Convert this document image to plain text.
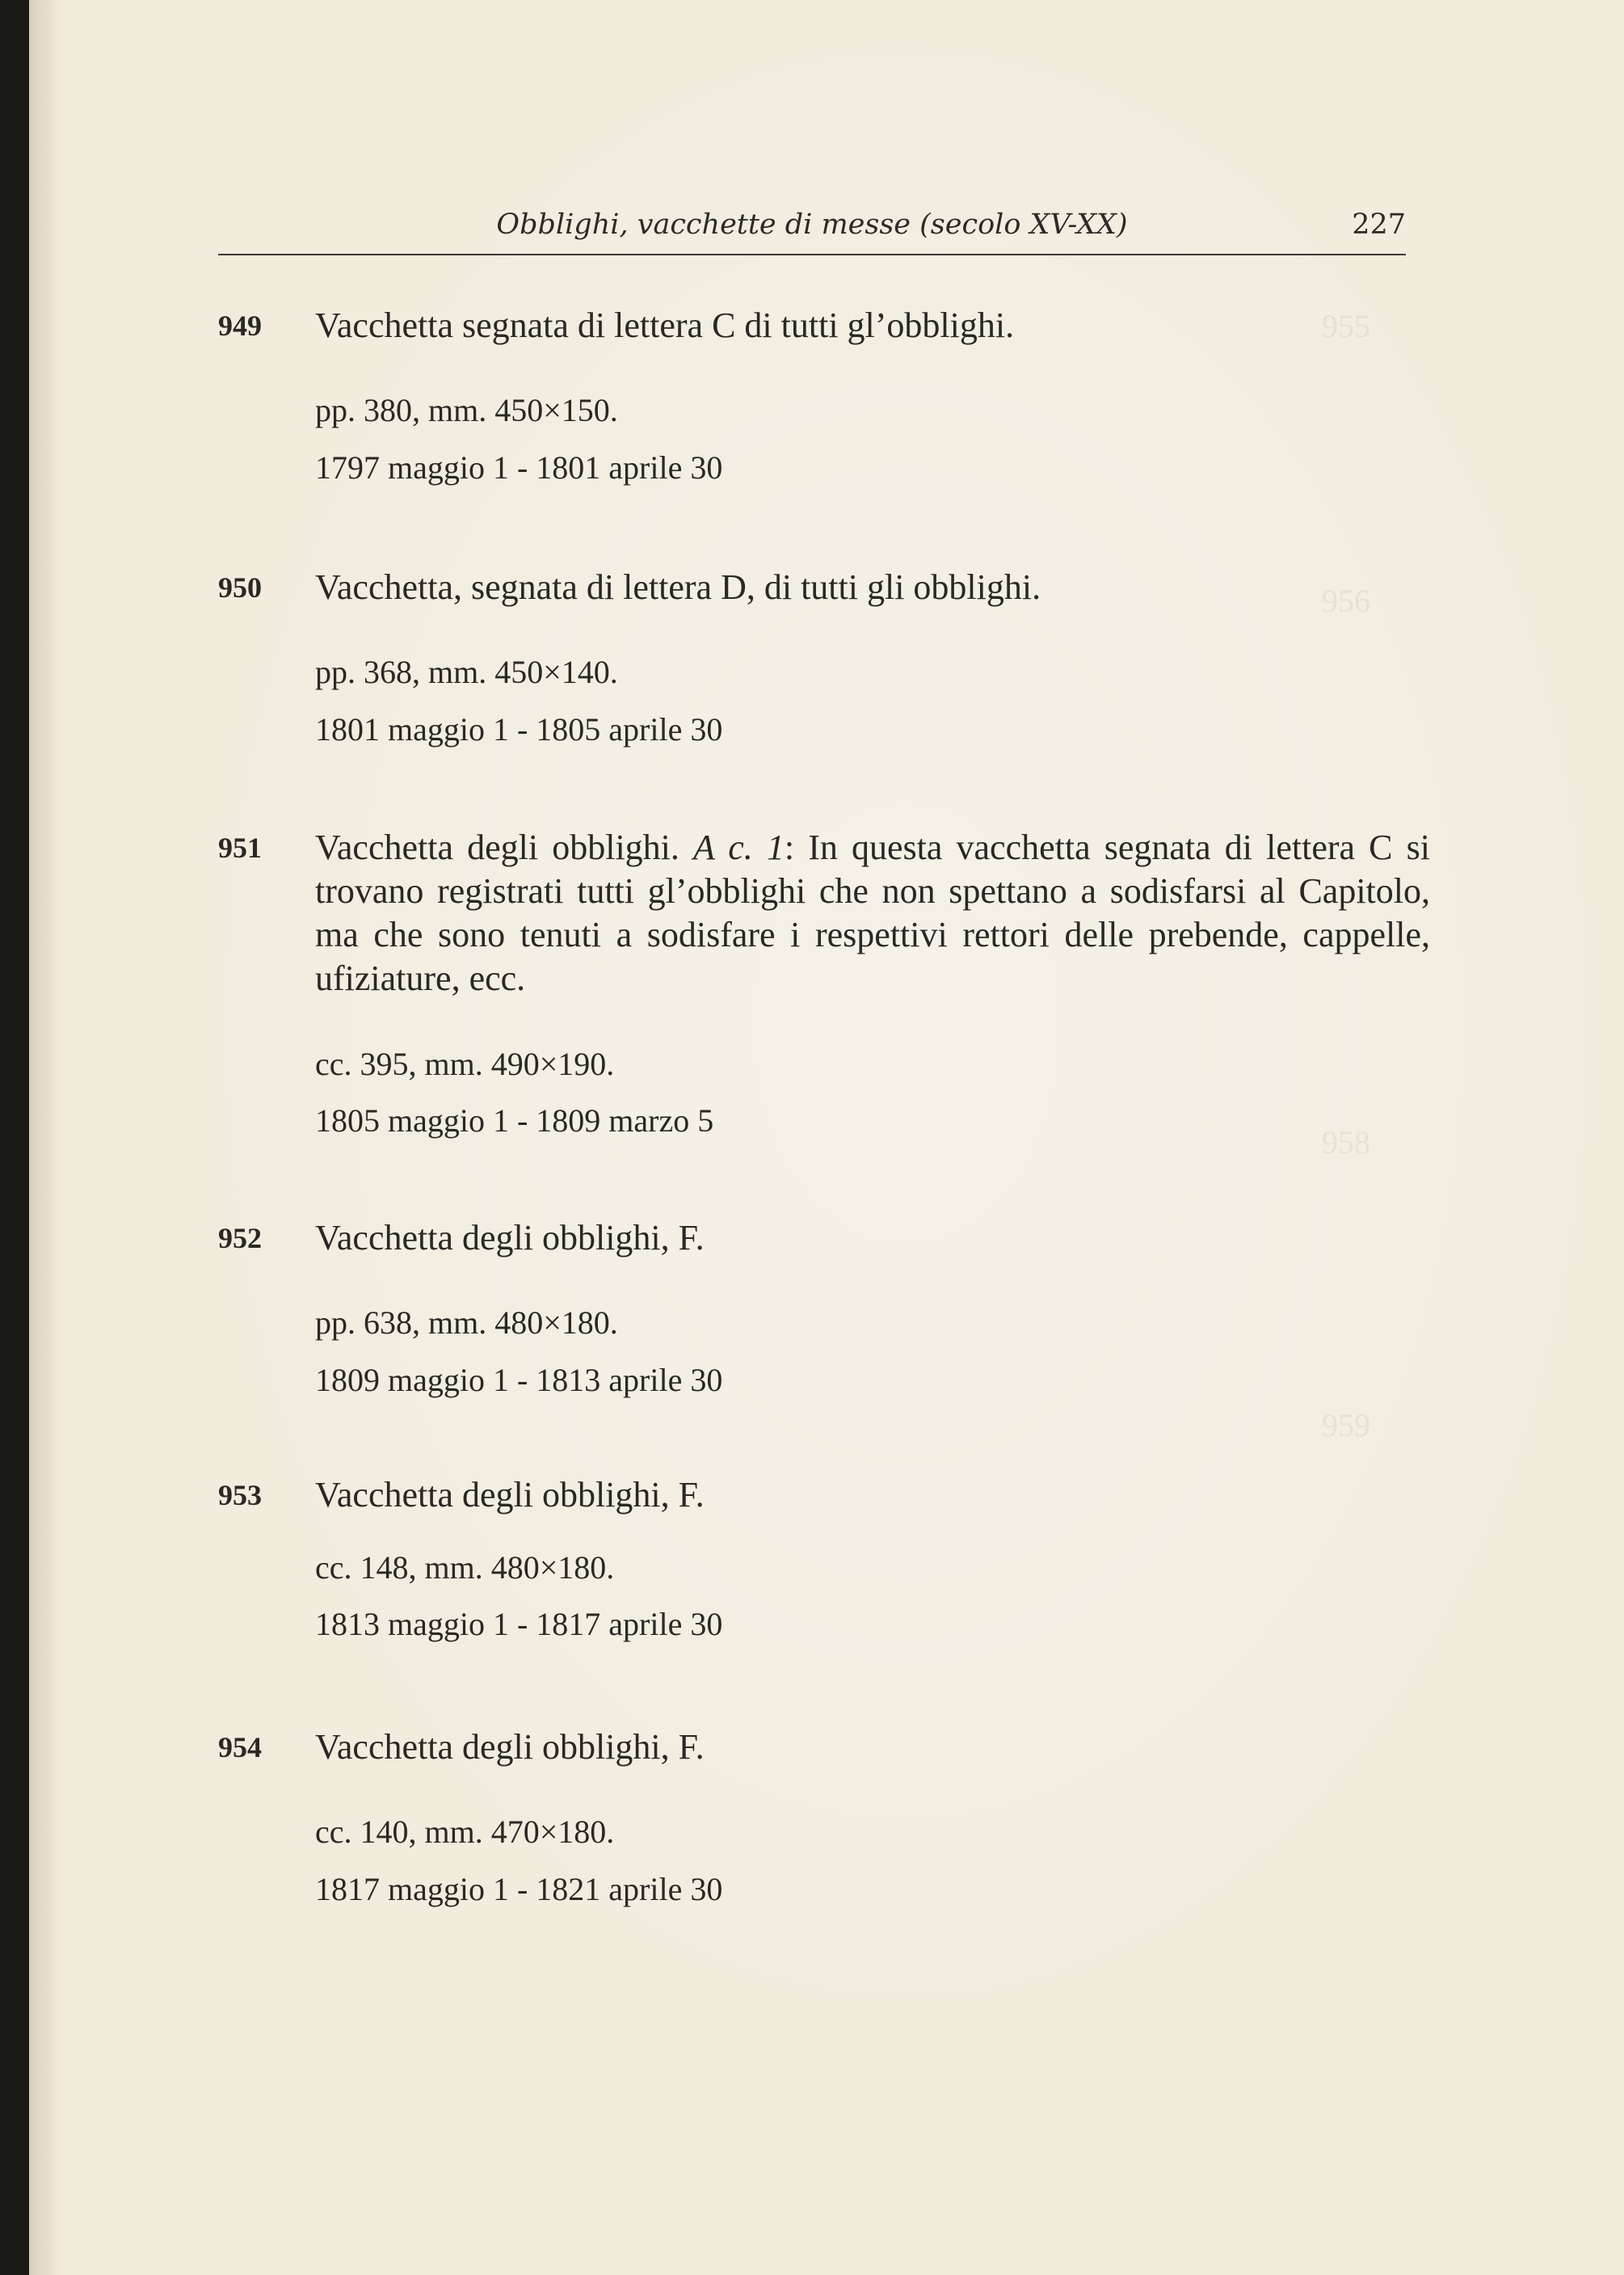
955
956
958
959
Obblighi, vacchette di messe (secolo XV-XX)	227
949	Vacchetta segnata di lettera C di tutti gl’obblighi.
pp. 380, mm. 450×150.
1797 maggio 1 - 1801 aprile 30
950	Vacchetta, segnata di lettera D, di tutti gli obblighi.
pp. 368, mm. 450×140.
1801 maggio 1 - 1805 aprile 30
951	Vacchetta degli obblighi. A c. 1: In questa vacchetta segnata di lettera C si trovano registrati tutti gl’obblighi che non spettano a sodisfarsi al Capitolo, ma che sono tenuti a sodisfare i respettivi rettori delle prebende, cappelle, ufiziature, ecc.
cc. 395, mm. 490×190.
1805 maggio 1 - 1809 marzo 5
952	Vacchetta degli obblighi, F.
pp. 638, mm. 480×180.
1809 maggio 1 - 1813 aprile 30
953	Vacchetta degli obblighi, F.
cc. 148, mm. 480×180.
1813 maggio 1 - 1817 aprile 30
954	Vacchetta degli obblighi, F.
cc. 140, mm. 470×180.
1817 maggio 1 - 1821 aprile 30
